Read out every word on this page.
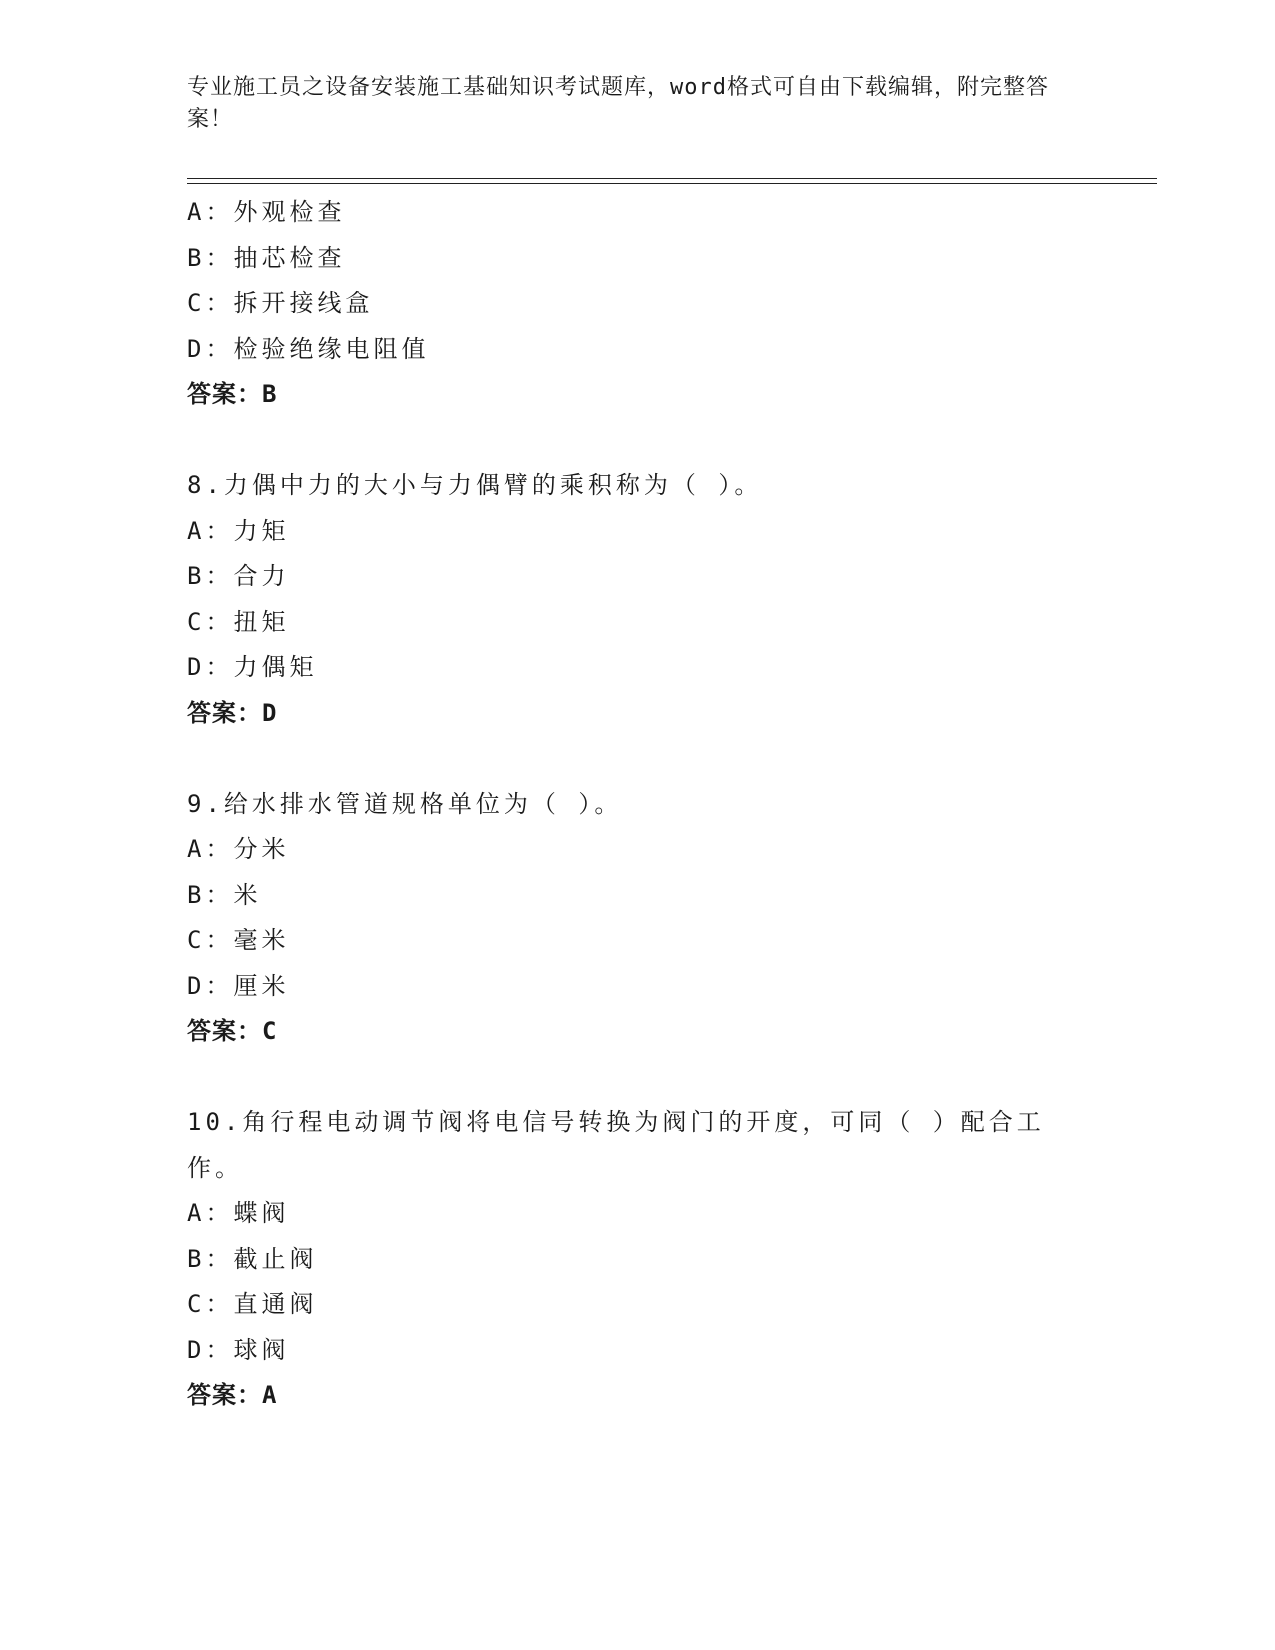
专业施工员之设备安装施工基础知识考试题库，word格式可自由下载编辑，附完整答案！
A：外观检查
B：抽芯检查
C：拆开接线盒
D：检验绝缘电阻值
答案：B
8.力偶中力的大小与力偶臂的乘积称为（ ）。
A：力矩
B：合力
C：扭矩
D：力偶矩
答案：D
9.给水排水管道规格单位为（ ）。
A：分米
B：米
C：毫米
D：厘米
答案：C
10.角行程电动调节阀将电信号转换为阀门的开度，可同（ ）配合工作。
A：蝶阀
B：截止阀
C：直通阀
D：球阀
答案：A
